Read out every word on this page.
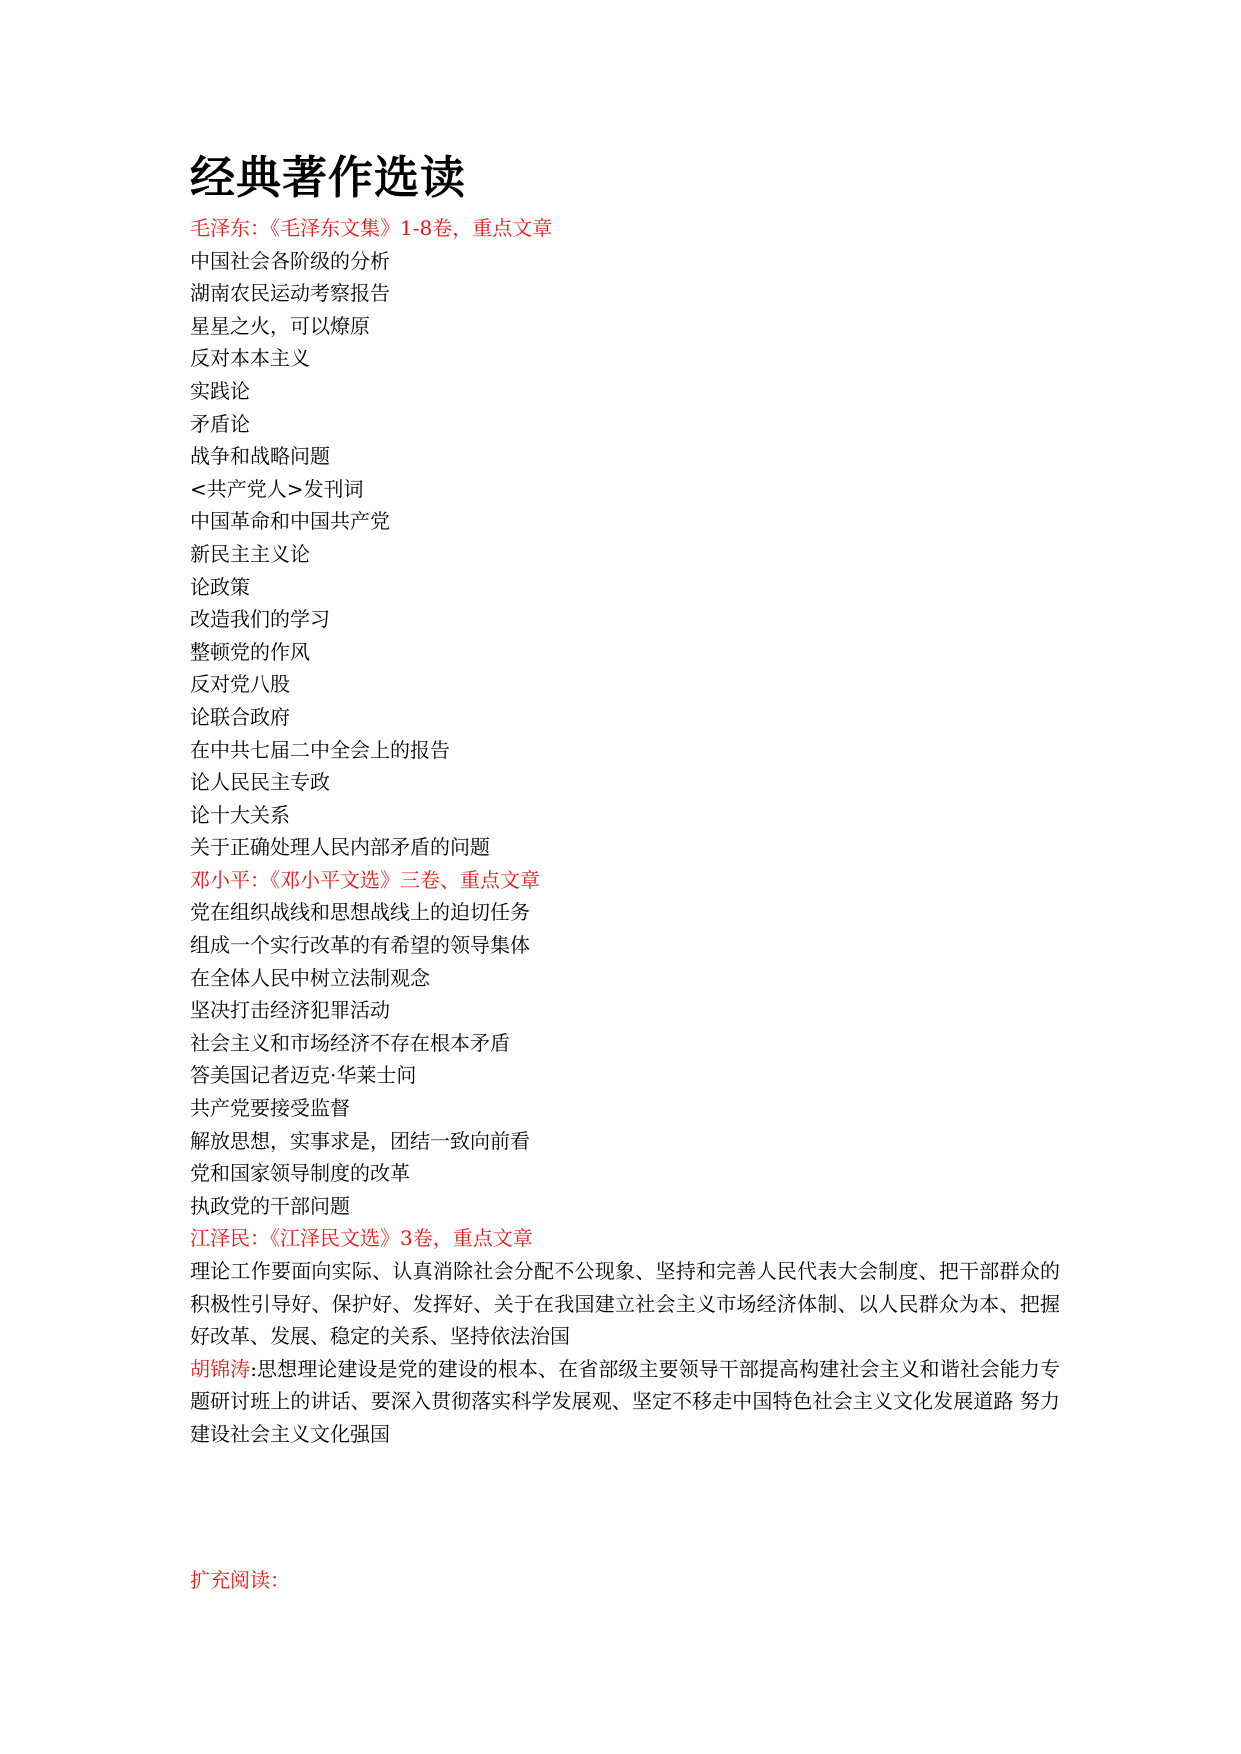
经典著作选读
毛泽东：《毛泽东文集》1-8卷，重点文章
中国社会各阶级的分析
湖南农民运动考察报告
星星之火，可以燎原
反对本本主义
实践论
矛盾论
战争和战略问题
<共产党人>发刊词
中国革命和中国共产党
新民主主义论
论政策
改造我们的学习
整顿党的作风
反对党八股
论联合政府
在中共七届二中全会上的报告
论人民民主专政
论十大关系
关于正确处理人民内部矛盾的问题
邓小平：《邓小平文选》三卷、重点文章
党在组织战线和思想战线上的迫切任务
组成一个实行改革的有希望的领导集体
在全体人民中树立法制观念
坚决打击经济犯罪活动
社会主义和市场经济不存在根本矛盾
答美国记者迈克·华莱士问
共产党要接受监督
解放思想，实事求是，团结一致向前看
党和国家领导制度的改革
执政党的干部问题
江泽民：《江泽民文选》3卷，重点文章
理论工作要面向实际、认真消除社会分配不公现象、坚持和完善人民代表大会制度、把干部群众的积极性引导好、保护好、发挥好、关于在我国建立社会主义市场经济体制、以人民群众为本、把握好改革、发展、稳定的关系、坚持依法治国
胡锦涛:思想理论建设是党的建设的根本、在省部级主要领导干部提高构建社会主义和谐社会能力专题研讨班上的讲话、要深入贯彻落实科学发展观、坚定不移走中国特色社会主义文化发展道路 努力建设社会主义文化强国
扩充阅读：
